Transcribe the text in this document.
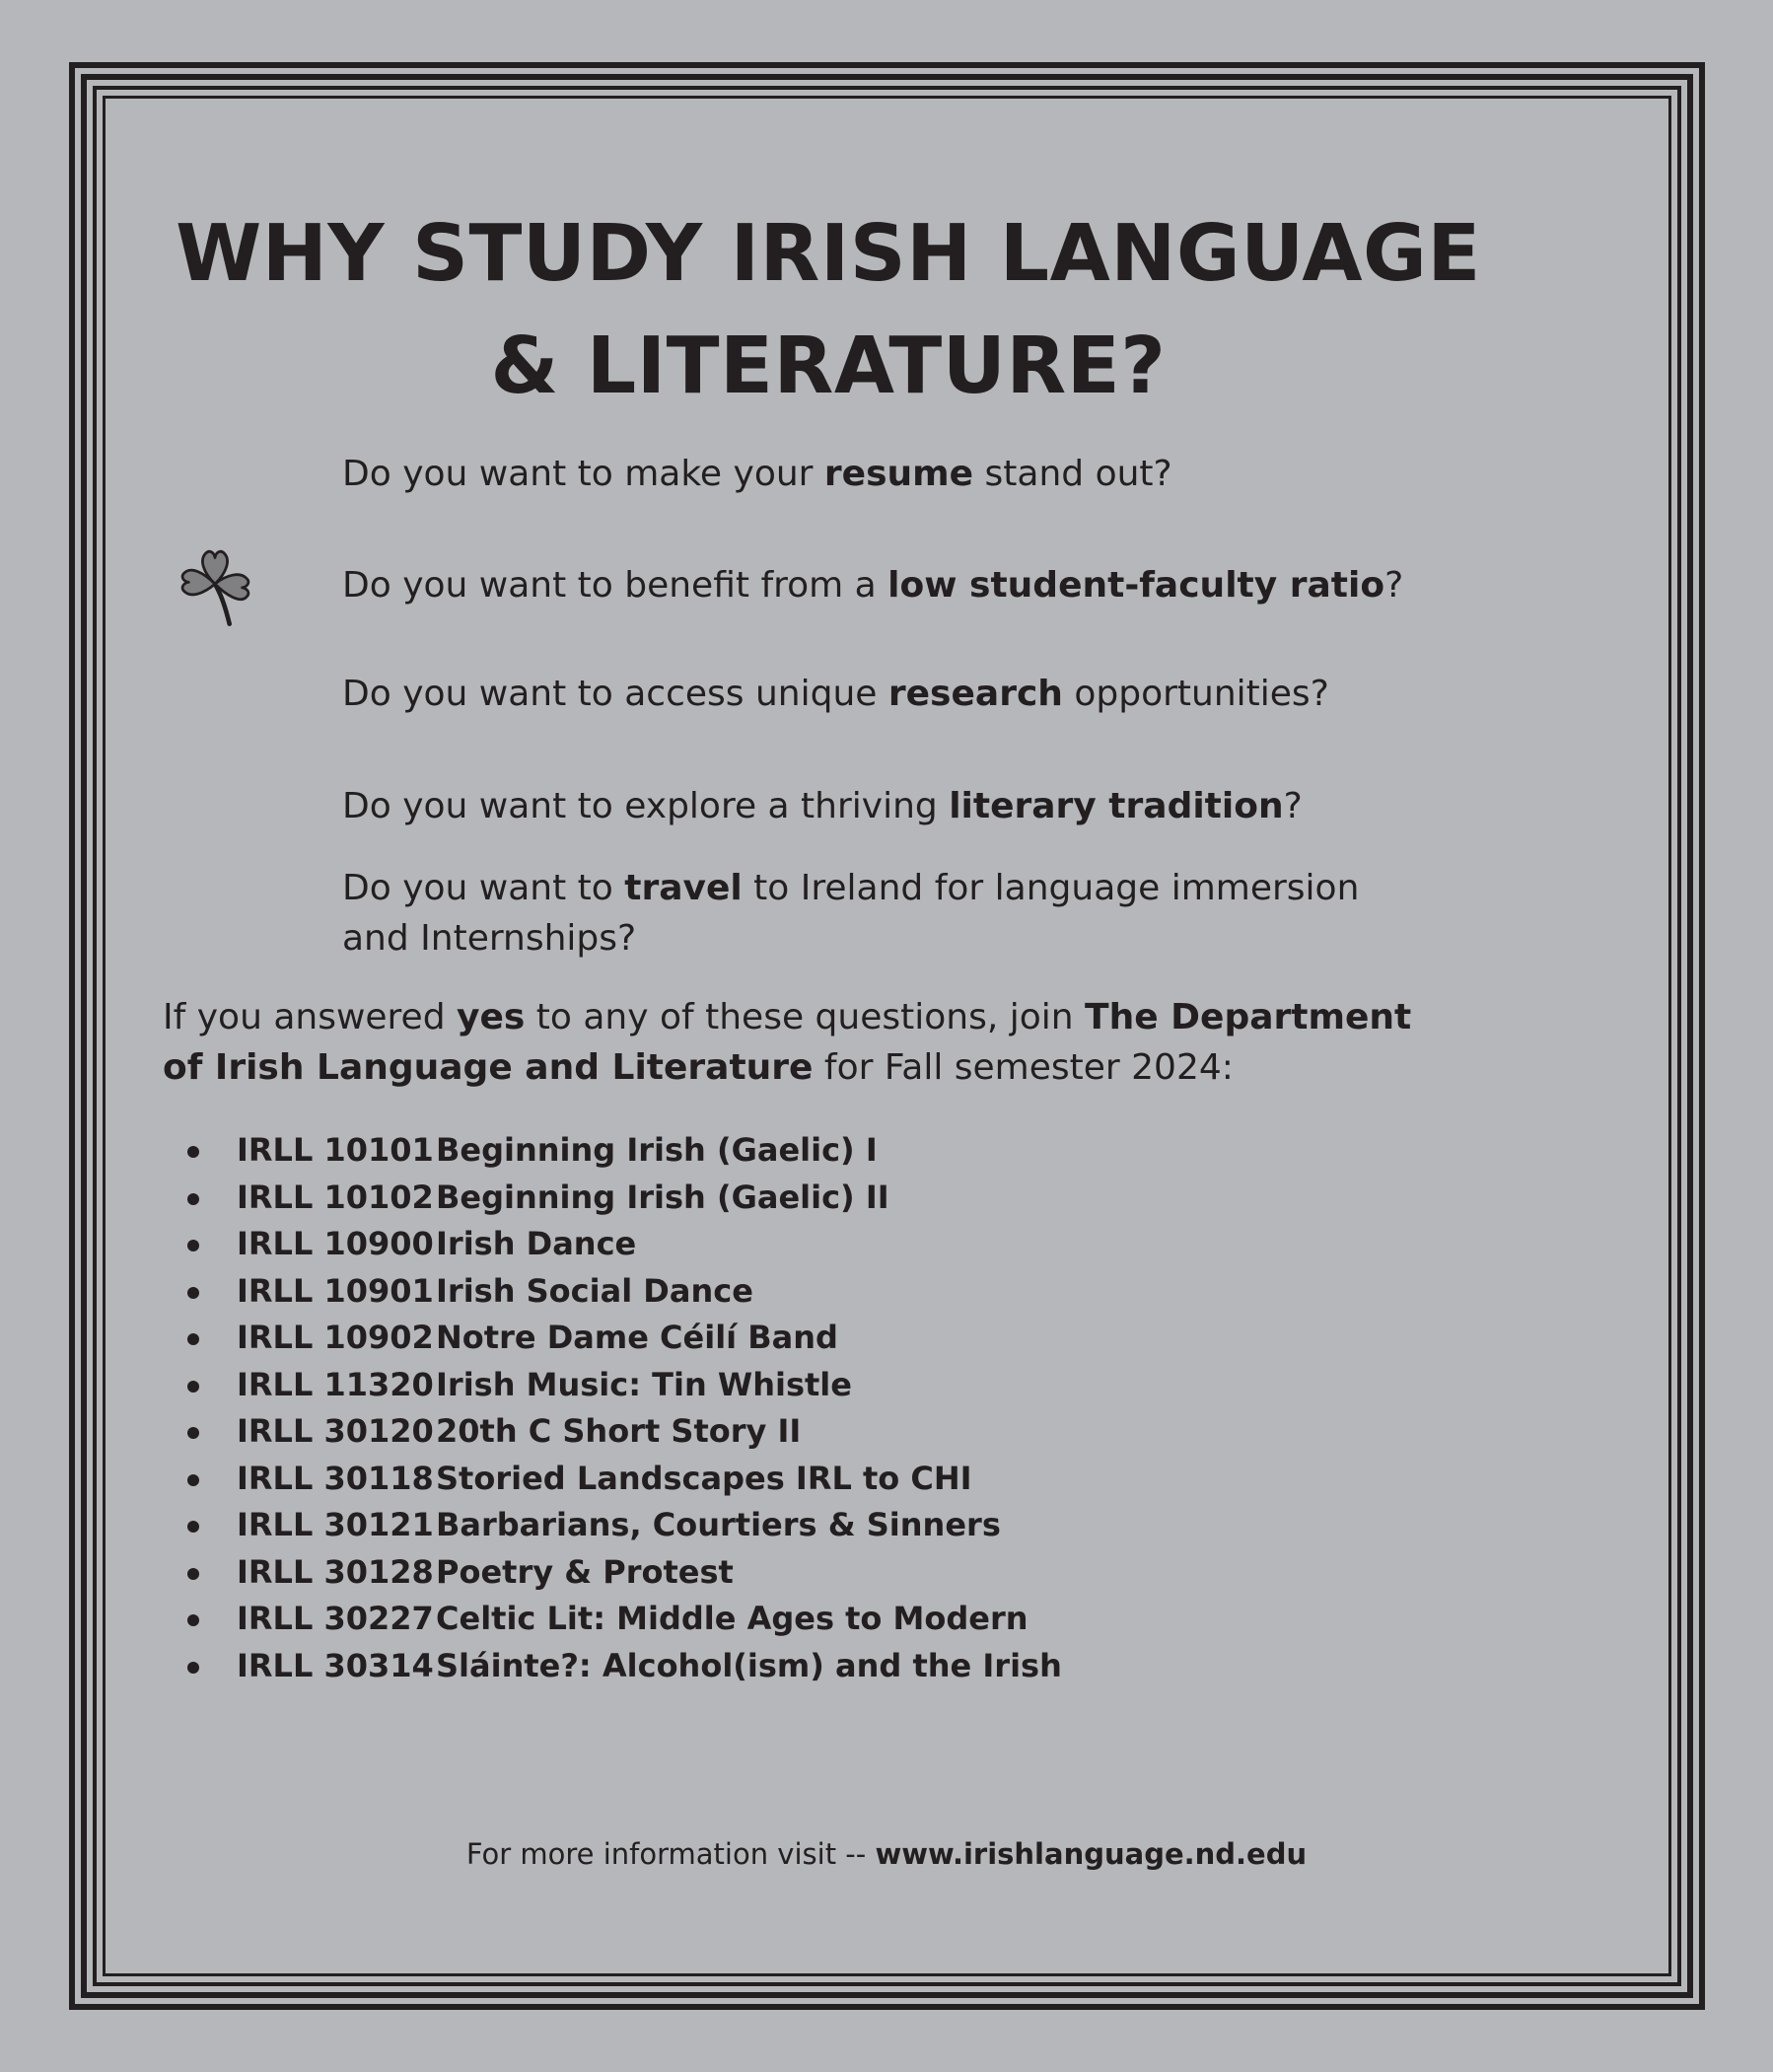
WHY STUDY IRISH LANGUAGE
& LITERATURE?

Do you want to make your resume stand out?

Do you want to benefit from a low student-faculty ratio?

Do you want to access unique research opportunities?

Do you want to explore a thriving literary tradition?

Do you want to travel to Ireland for language immersion
and Internships?

If you answered yes to any of these questions, join The Department
of Irish Language and Literature for Fall semester 2024:

IRLL 10101 Beginning Irish (Gaelic) I
IRLL 10102 Beginning Irish (Gaelic) II
IRLL 10900 Irish Dance
IRLL 10901 Irish Social Dance
IRLL 10902 Notre Dame Céilí Band
IRLL 11320 Irish Music: Tin Whistle
IRLL 30120 20th C Short Story II
IRLL 30118 Storied Landscapes IRL to CHI
IRLL 30121 Barbarians, Courtiers & Sinners
IRLL 30128 Poetry & Protest
IRLL 30227 Celtic Lit: Middle Ages to Modern
IRLL 30314 Sláinte?: Alcohol(ism) and the Irish

For more information visit -- www.irishlanguage.nd.edu
